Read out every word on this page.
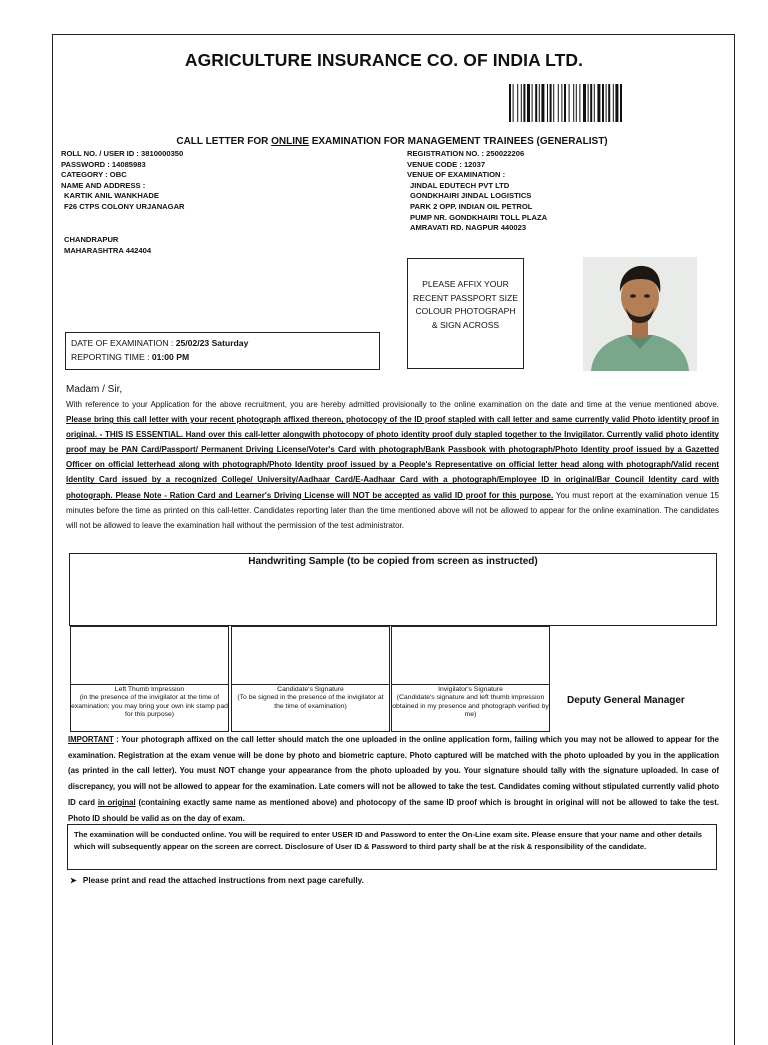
AGRICULTURE INSURANCE CO. OF INDIA LTD.
CALL LETTER FOR ONLINE EXAMINATION FOR MANAGEMENT TRAINEES (GENERALIST)
ROLL NO. / USER ID : 3810000350
PASSWORD : 14085983
CATEGORY : OBC
NAME AND ADDRESS :
KARTIK ANIL WANKHADE
F26 CTPS COLONY URJANAGAR
CHANDRAPUR
MAHARASHTRA 442404
REGISTRATION NO. : 250022206
VENUE CODE : 12037
VENUE OF EXAMINATION :
JINDAL EDUTECH PVT LTD
GONDKHAIRI JINDAL LOGISTICS
PARK 2 OPP. INDIAN OIL PETROL
PUMP NR. GONDKHAIRI TOLL PLAZA
AMRAVATI RD. NAGPUR 440023
PLEASE AFFIX YOUR
RECENT PASSPORT SIZE
COLOUR PHOTOGRAPH
& SIGN ACROSS
DATE OF EXAMINATION : 25/02/23 Saturday
REPORTING TIME : 01:00 PM
Madam / Sir,
With reference to your Application for the above recruitment, you are hereby admitted provisionally to the online examination on the date and time at the venue mentioned above. Please bring this call letter with your recent photograph affixed thereon, photocopy of the ID proof stapled with call letter and same currently valid Photo identity proof in original. - THIS IS ESSENTIAL. Hand over this call-letter alongwith photocopy of photo identity proof duly stapled together to the Invigilator. Currently valid photo identity proof may be PAN Card/Passport/ Permanent Driving License/Voter's Card with photograph/Bank Passbook with photograph/Photo Identity proof issued by a Gazetted Officer on official letterhead along with photograph/Photo Identity proof issued by a People's Representative on official letter head along with photograph/Valid recent Identity Card issued by a recognized College/ University/Aadhaar Card/E-Aadhaar Card with a photograph/Employee ID in original/Bar Council Identity card with photograph. Please Note - Ration Card and Learner's Driving License will NOT be accepted as valid ID proof for this purpose. You must report at the examination venue 15 minutes before the time as printed on this call-letter. Candidates reporting later than the time mentioned above will not be allowed to appear for the online examination. The candidates will not be allowed to leave the examination hall without the permission of the test administrator.
Handwriting Sample (to be copied from screen as instructed)
Left Thumb Impression
(in the presence of the invigilator at the time of examination; you may bring your own ink stamp pad for this purpose)
Candidate's Signature
(To be signed in the presence of the invigilator at the time of examination)
Invigilator's Signature
(Candidate's signature and left thumb impression obtained in my presence and photograph verified by me)
Deputy General Manager
IMPORTANT : Your photograph affixed on the call letter should match the one uploaded in the online application form, failing which you may not be allowed to appear for the examination. Registration at the exam venue will be done by photo and biometric capture. Photo captured will be matched with the photo uploaded by you in the application (as printed in the call letter). You must NOT change your appearance from the photo uploaded by you. Your signature should tally with the signature uploaded. In case of discrepancy, you will not be allowed to appear for the examination. Late comers will not be allowed to take the test. Candidates coming without stipulated currently valid photo ID card in original (containing exactly same name as mentioned above) and photocopy of the same ID proof which is brought in original will not be allowed to take the test. Photo ID should be valid as on the day of exam.
The examination will be conducted online. You will be required to enter USER ID and Password to enter the On-Line exam site. Please ensure that your name and other details which will subsequently appear on the screen are correct. Disclosure of User ID & Password to third party shall be at the risk & responsibility of the candidate.
➤ Please print and read the attached instructions from next page carefully.
